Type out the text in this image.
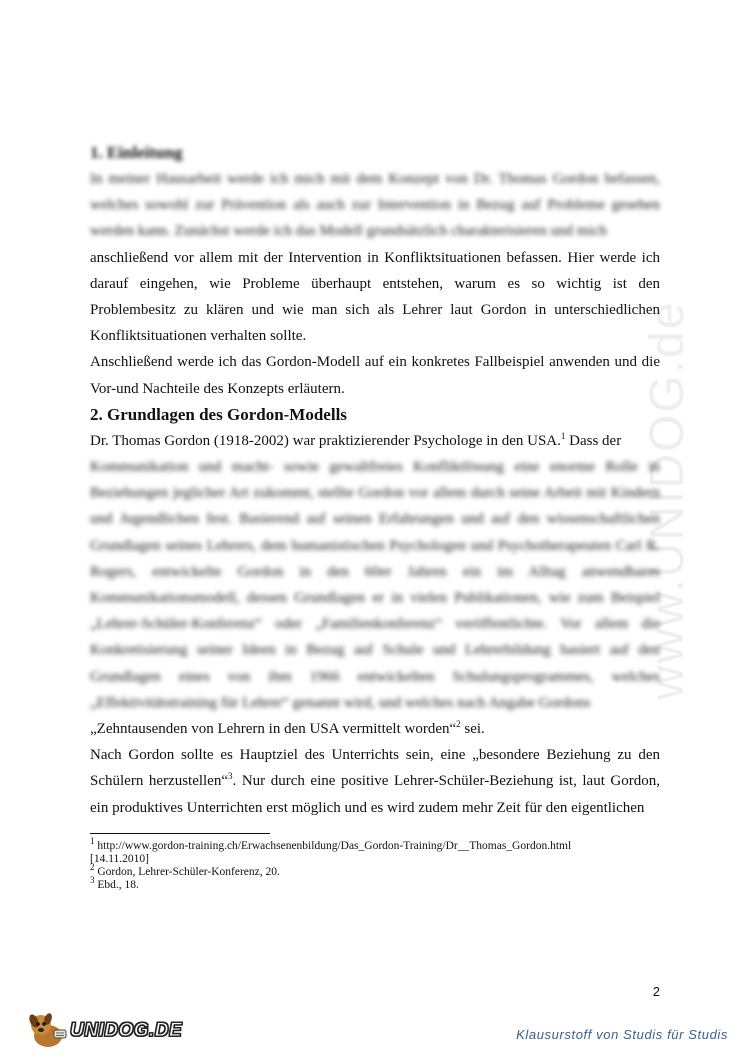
www.UNIDOG.de
1. Einleitung

In meiner Hausarbeit werde ich mich mit dem Konzept von Dr. Thomas Gordon befassen, welches sowohl zur Prävention als auch zur Intervention in Bezug auf Probleme gesehen werden kann. Zunächst werde ich das Modell grundsätzlich charakterisieren und mich

anschließend vor allem mit der Intervention in Konfliktsituationen befassen. Hier werde ich darauf eingehen, wie Probleme überhaupt entstehen, warum es so wichtig ist den Problembesitz zu klären und wie man sich als Lehrer laut Gordon in unterschiedlichen Konfliktsituationen verhalten sollte.

Anschließend werde ich das Gordon-Modell auf ein konkretes Fallbeispiel anwenden und die Vor-und Nachteile des Konzepts erläutern.

2. Grundlagen des Gordon-Modells

Dr. Thomas Gordon (1918-2002) war praktizierender Psychologe in den USA.$^1$ Dass der

Kommunikation und macht- sowie gewaltfreies Konfliktlösung eine enorme Rolle in Beziehungen jeglicher Art zukommt, stellte Gordon vor allem durch seine Arbeit mit Kindern und Jugendlichen fest. Basierend auf seinen Erfahrungen und auf den wissenschaftlichen Grundlagen seines Lehrers, dem humanistischen Psychologen und Psychotherapeuten Carl R. Rogers, entwickelte Gordon in den 60er Jahren ein im Alltag anwendbares Kommunikationsmodell, dessen Grundlagen er in vielen Publikationen, wie zum Beispiel „Lehrer-Schüler-Konferenz“ oder „Familienkonferenz“ veröffentlichte. Vor allem die Konkretisierung seiner Ideen in Bezug auf Schule und Lehrerbildung basiert auf den Grundlagen eines von ihm 1966 entwickelten Schulungsprogrammes, welches „Effektivitätstraining für Lehrer“ genannt wird, und welches nach Angabe Gordons

„Zehntausenden von Lehrern in den USA vermittelt worden“$^2$ sei.

Nach Gordon sollte es Hauptziel des Unterrichts sein, eine „besondere Beziehung zu den Schülern herzustellen“$^3$. Nur durch eine positive Lehrer-Schüler-Beziehung ist, laut Gordon, ein produktives Unterrichten erst möglich und es wird zudem mehr Zeit für den eigentlichen

$^1$ http://www.gordon-training.ch/Erwachsenenbildung/Das_Gordon-Training/Dr__Thomas_Gordon.html
[14.11.2010]
$^2$ Gordon, Lehrer-Schüler-Konferenz, 20.
$^3$ Ebd., 18.
2
UNIDOG.DE	Klausurstoff von Studis für Studis
